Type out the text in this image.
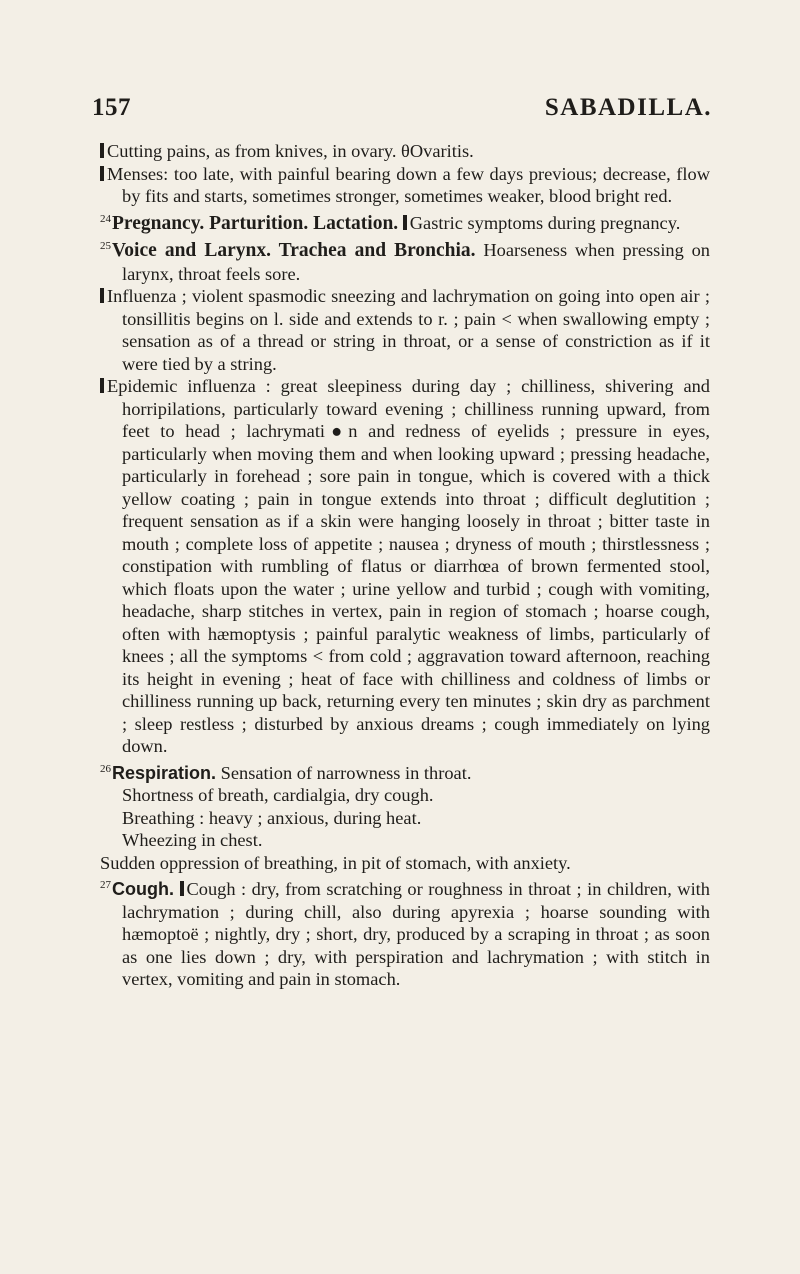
157	SABADILLA.

Cutting pains, as from knives, in ovary. θOvaritis.

Menses: too late, with painful bearing down a few days previous; decrease, flow by fits and starts, sometimes stronger, sometimes weaker, blood bright red.

$^{24}$Pregnancy. Parturition. Lactation. Gastric symptoms during pregnancy.

$^{25}$Voice and Larynx. Trachea and Bronchia. Hoarseness when pressing on larynx, throat feels sore.

Influenza ; violent spasmodic sneezing and lachrymation on going into open air ; tonsillitis begins on l. side and extends to r. ; pain < when swallowing empty ; sensation as of a thread or string in throat, or a sense of constriction as if it were tied by a string.

Epidemic influenza : great sleepiness during day ; chilliness, shivering and horripilations, particularly toward evening ; chilliness running upward, from feet to head ; lachrymati●n and redness of eyelids ; pressure in eyes, particularly when moving them and when looking upward ; pressing headache, particularly in forehead ; sore pain in tongue, which is covered with a thick yellow coating ; pain in tongue extends into throat ; difficult deglutition ; frequent sensation as if a skin were hanging loosely in throat ; bitter taste in mouth ; complete loss of appetite ; nausea ; dryness of mouth ; thirstlessness ; constipation with rumbling of flatus or diarrhœa of brown fermented stool, which floats upon the water ; urine yellow and turbid ; cough with vomiting, headache, sharp stitches in vertex, pain in region of stomach ; hoarse cough, often with hæmoptysis ; painful paralytic weakness of limbs, particularly of knees ; all the symptoms < from cold ; aggravation toward afternoon, reaching its height in evening ; heat of face with chilliness and coldness of limbs or chilliness running up back, returning every ten minutes ; skin dry as parchment ; sleep restless ; disturbed by anxious dreams ; cough immediately on lying down.

$^{26}$Respiration. Sensation of narrowness in throat.

Shortness of breath, cardialgia, dry cough.

Breathing : heavy ; anxious, during heat.

Wheezing in chest.

Sudden oppression of breathing, in pit of stomach, with anxiety.

$^{27}$Cough. Cough : dry, from scratching or roughness in throat ; in children, with lachrymation ; during chill, also during apyrexia ; hoarse sounding with hæmoptoë ; nightly, dry ; short, dry, produced by a scraping in throat ; as soon as one lies down ; dry, with perspiration and lachrymation ; with stitch in vertex, vomiting and pain in stomach.
